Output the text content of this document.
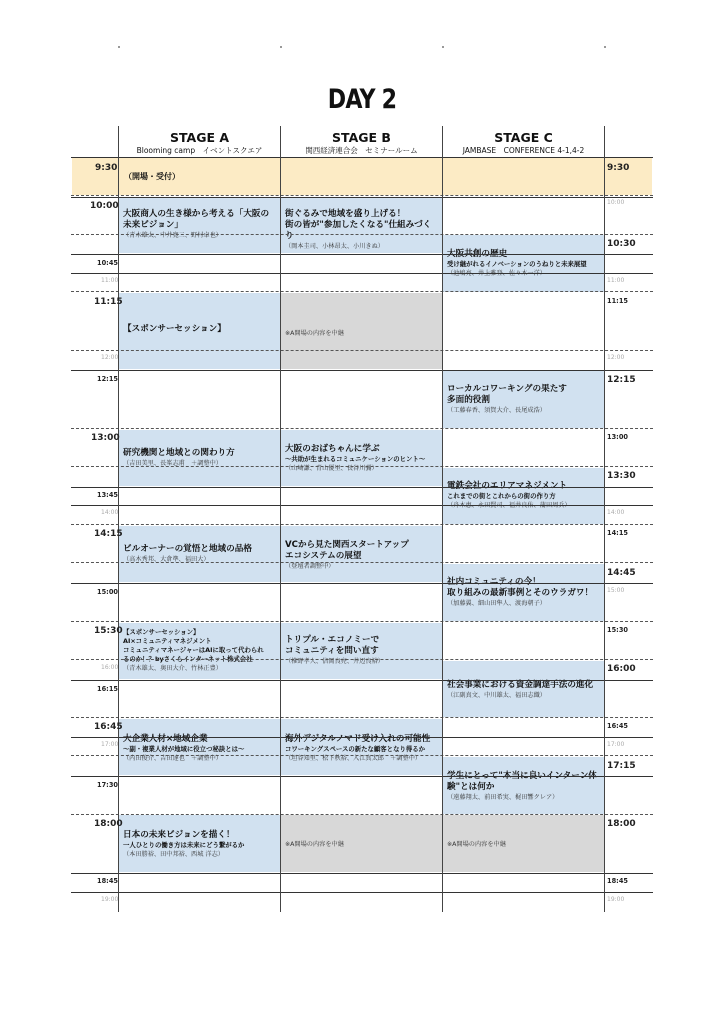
DAY 2
STAGE A
Blooming camp　イベントスクエア
STAGE B
関西経済連合会　セミナールーム
STAGE C
JAMBASE　CONFERENCE 4-1,4-2
（開場・受付）
大阪商人の生き様から考える「大阪の
未来ビジョン」
（青木雄太、中井寛二、野村卓也）
【スポンサーセッション】
研究機関と地域との関わり方
（吉田美里、長峯志甫　＋調整中）
ビルオーナーの覚悟と地域の品格
（高木秀邦、大倉準、福田大）
【スポンサーセッション】
AI×コミュニティマネジメント
コミュニティマネージャーはAIに取って代わられ
るのか！？byさくらインターネット株式会社
（青木雄太、奥田大介、竹林正豊）
大企業人材×地域企業
〜副・複業人材が地域に役立つ秘訣とは〜
（内田俊介、吉田達也　＋調整中）
日本の未来ビジョンを描く！
一人ひとりの働き方は未来にどう繋がるか
（本田勝裕、田中邦裕、西城 洋志）
街ぐるみで地域を盛り上げる！
街の皆が"参加したくなる"仕組みづくり
（岡本圭司、小林昂太、小川きぬ）
※A開場の内容を中継
大阪のおばちゃんに学ぶ
〜共助が生まれるコミュニケーションのヒント〜
（山崎謙、青山優里、長谷川彌）
VCから見た関西スタートアップ
エコシステムの展望
（登壇者調整中）
トリプル・エコノミーで
コミュニティを問い直す
（椎野孝人、信岡良亮、井辺良裕）
海外デジタルノマド受け入れの可能性
コワーキングスペースの新たな顧客となり得るか
（坦谷知里、松下秋裕、入江真太郎　＋調整中）
※A開場の内容を中継
大阪共創の歴史
受け継がれるイノベーションのうねりと未来展望
（池嶋亮、井上雅登、佐々木一洋）
ローカルコワーキングの果たす
多面的役割
（工藤春香、須賀大介、長尾成浩）
電鉄会社のエリアマネジメント
これまでの街とこれからの街の作り方
（舟木恵、永田賢司、福井良佑、蒲田周兵）
社内コミュニティの今！
取り組みの最新事例とそのウラガワ！
（加藤翼、細山田隼人、渡海朝子）
社会事業における資金調達手法の進化
（江副真文、中川雄太、福田志織）
学生にとって"本当に良いインターン体
験"とは何か
（遠藤翔太、前田希実、梶田響クレア）
※A開場の内容を中継
9:30
10:00
10:45
11:00
11:15
12:00
12:15
13:00
13:45
14:00
14:15
15:00
15:30
16:00
16:15
16:45
17:00
17:30
18:00
18:45
19:00
9:30
10:00
10:30
11:00
11:15
12:00
12:15
13:00
13:30
14:00
14:15
14:45
15:00
15:30
16:00
16:45
17:00
17:15
18:00
18:45
19:00
